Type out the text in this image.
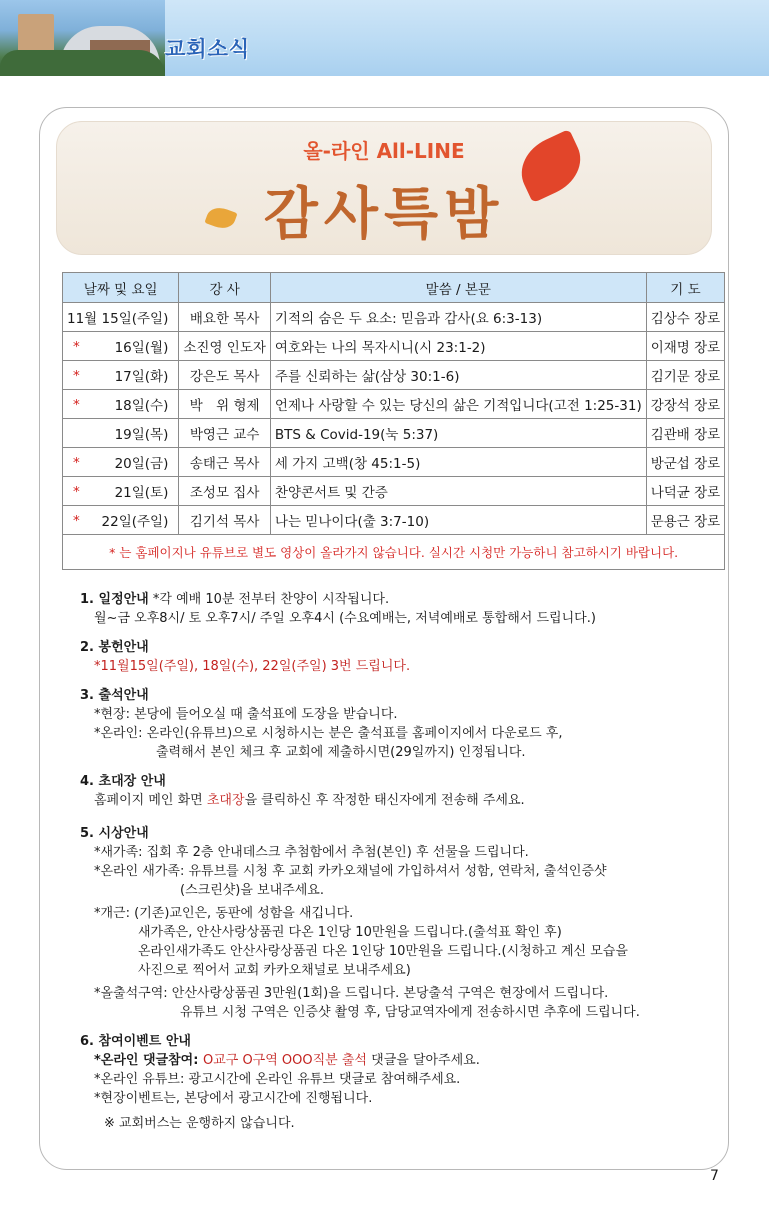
교회소식
올-라인 All-LINE
감사특밤
날짜 및 요일	강 사	말씀 / 본문	기 도

11월 15일(주일)	배요한 목사	기적의 숨은 두 요소: 믿음과 감사(요 6:3-13)	김상수 장로

* 16일(월)	소진영 인도자	여호와는 나의 목자시니(시 23:1-2)	이재명 장로

* 17일(화)	강은도 목사	주를 신뢰하는 삶(삼상 30:1-6)	김기문 장로

* 18일(수)	박　위 형제	언제나 사랑할 수 있는 당신의 삶은 기적입니다(고전 1:25-31)	강장석 장로

19일(목)	박영근 교수	BTS & Covid-19(눅 5:37)	김관배 장로

* 20일(금)	송태근 목사	세 가지 고백(창 45:1-5)	방군섭 장로

* 21일(토)	조성모 집사	찬양콘서트 및 간증	나덕균 장로

* 22일(주일)	김기석 목사	나는 믿나이다(출 3:7-10)	문용근 장로
* 는 홈페이지나 유튜브로 별도 영상이 올라가지 않습니다. 실시간 시청만 가능하니 참고하시기 바랍니다.			
1. 일정안내 *각 예배 10분 전부터 찬양이 시작됩니다.
월~금 오후8시/ 토 오후7시/ 주일 오후4시 (수요예배는, 저녁예배로 통합해서 드립니다.)
2. 봉헌안내
*11월15일(주일), 18일(수), 22일(주일) 3번 드립니다.
3. 출석안내
*현장: 본당에 들어오실 때 출석표에 도장을 받습니다.
*온라인: 온라인(유튜브)으로 시청하시는 분은 출석표를 홈페이지에서 다운로드 후,
출력해서 본인 체크 후 교회에 제출하시면(29일까지) 인정됩니다.
4. 초대장 안내
홈페이지 메인 화면 초대장을 클릭하신 후 작정한 태신자에게 전송해 주세요.
5. 시상안내
*새가족: 집회 후 2층 안내데스크 추첨함에서 추첨(본인) 후 선물을 드립니다.
*온라인 새가족: 유튜브를 시청 후 교회 카카오채널에 가입하셔서 성함, 연락처, 출석인증샷
(스크린샷)을 보내주세요.
*개근: (기존)교인은, 동판에 성함을 새깁니다.
새가족은, 안산사랑상품권 다온 1인당 10만원을 드립니다.(출석표 확인 후)
온라인새가족도 안산사랑상품권 다온 1인당 10만원을 드립니다.(시청하고 계신 모습을
사진으로 찍어서 교회 카카오채널로 보내주세요)
*올출석구역: 안산사랑상품권 3만원(1회)을 드립니다. 본당출석 구역은 현장에서 드립니다.
유튜브 시청 구역은 인증샷 촬영 후, 담당교역자에게 전송하시면 추후에 드립니다.
6. 참여이벤트 안내
*온라인 댓글참여: O교구 O구역 OOO직분 출석 댓글을 달아주세요.
*온라인 유튜브: 광고시간에 온라인 유튜브 댓글로 참여해주세요.
*현장이벤트는, 본당에서 광고시간에 진행됩니다.
※ 교회버스는 운행하지 않습니다.
7
